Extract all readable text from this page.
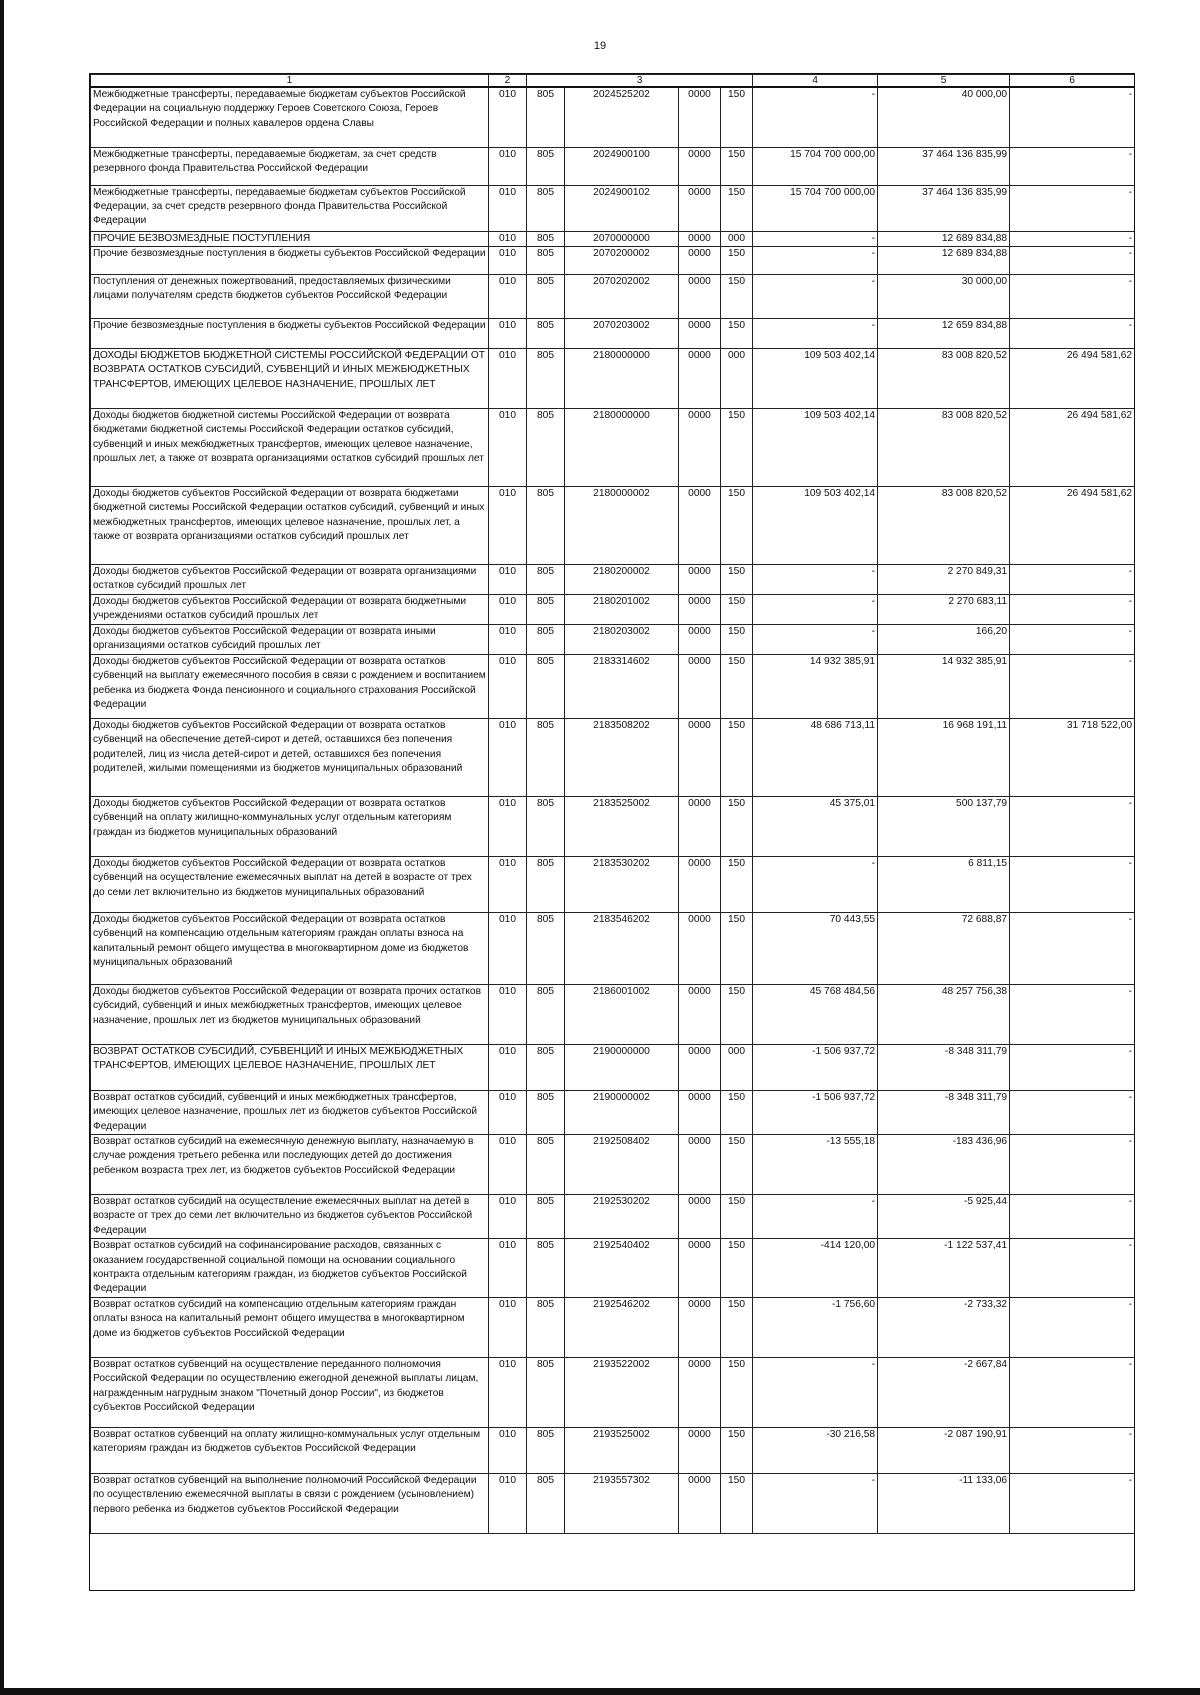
19
1	2	3				4	5	6
Межбюджетные трансферты, передаваемые бюджетам субъектов Российской Федерации на социальную поддержку Героев Советского Союза, Героев Российской Федерации и полных кавалеров ордена Славы	010	805	2024525202	0000	150	-	40 000,00	-
Межбюджетные трансферты, передаваемые бюджетам, за счет средств резервного фонда Правительства Российской Федерации	010	805	2024900100	0000	150	15 704 700 000,00	37 464 136 835,99	-
Межбюджетные трансферты, передаваемые бюджетам субъектов Российской Федерации, за счет средств резервного фонда Правительства Российской Федерации	010	805	2024900102	0000	150	15 704 700 000,00	37 464 136 835,99	-
ПРОЧИЕ БЕЗВОЗМЕЗДНЫЕ ПОСТУПЛЕНИЯ	010	805	2070000000	0000	000	-	12 689 834,88	-
Прочие безвозмездные поступления в бюджеты субъектов Российской Федерации	010	805	2070200002	0000	150	-	12 689 834,88	-
Поступления от денежных пожертвований, предоставляемых физическими лицами получателям средств бюджетов субъектов Российской Федерации	010	805	2070202002	0000	150	-	30 000,00	-
Прочие безвозмездные поступления в бюджеты субъектов Российской Федерации	010	805	2070203002	0000	150	-	12 659 834,88	-
ДОХОДЫ БЮДЖЕТОВ БЮДЖЕТНОЙ СИСТЕМЫ РОССИЙСКОЙ ФЕДЕРАЦИИ ОТ ВОЗВРАТА ОСТАТКОВ СУБСИДИЙ, СУБВЕНЦИЙ И ИНЫХ МЕЖБЮДЖЕТНЫХ ТРАНСФЕРТОВ, ИМЕЮЩИХ ЦЕЛЕВОЕ НАЗНАЧЕНИЕ, ПРОШЛЫХ ЛЕТ	010	805	2180000000	0000	000	109 503 402,14	83 008 820,52	26 494 581,62
Доходы бюджетов бюджетной системы Российской Федерации от возврата бюджетами бюджетной системы Российской Федерации остатков субсидий, субвенций и иных межбюджетных трансфертов, имеющих целевое назначение, прошлых лет, а также от возврата организациями остатков субсидий прошлых лет	010	805	2180000000	0000	150	109 503 402,14	83 008 820,52	26 494 581,62
Доходы бюджетов субъектов Российской Федерации от возврата бюджетами бюджетной системы Российской Федерации остатков субсидий, субвенций и иных межбюджетных трансфертов, имеющих целевое назначение, прошлых лет, а также от возврата организациями остатков субсидий прошлых лет	010	805	2180000002	0000	150	109 503 402,14	83 008 820,52	26 494 581,62
Доходы бюджетов субъектов Российской Федерации от возврата организациями остатков субсидий прошлых лет	010	805	2180200002	0000	150	-	2 270 849,31	-
Доходы бюджетов субъектов Российской Федерации от возврата бюджетными учреждениями остатков субсидий прошлых лет	010	805	2180201002	0000	150	-	2 270 683,11	-
Доходы бюджетов субъектов Российской Федерации от возврата иными организациями остатков субсидий прошлых лет	010	805	2180203002	0000	150	-	166,20	-
Доходы бюджетов субъектов Российской Федерации от возврата остатков субвенций на выплату ежемесячного пособия в связи с рождением и воспитанием ребенка из бюджета Фонда пенсионного и социального страхования Российской Федерации	010	805	2183314602	0000	150	14 932 385,91	14 932 385,91	-
Доходы бюджетов субъектов Российской Федерации от возврата остатков субвенций на обеспечение детей-сирот и детей, оставшихся без попечения родителей, лиц из числа детей-сирот и детей, оставшихся без попечения родителей, жилыми помещениями из бюджетов муниципальных образований	010	805	2183508202	0000	150	48 686 713,11	16 968 191,11	31 718 522,00
Доходы бюджетов субъектов Российской Федерации от возврата остатков субвенций на оплату жилищно-коммунальных услуг отдельным категориям граждан из бюджетов муниципальных образований	010	805	2183525002	0000	150	45 375,01	500 137,79	-
Доходы бюджетов субъектов Российской Федерации от возврата остатков субвенций на осуществление ежемесячных выплат на детей в возрасте от трех до семи лет включительно из бюджетов муниципальных образований	010	805	2183530202	0000	150	-	6 811,15	-
Доходы бюджетов субъектов Российской Федерации от возврата остатков субвенций на компенсацию отдельным категориям граждан оплаты взноса на капитальный ремонт общего имущества в многоквартирном доме из бюджетов муниципальных образований	010	805	2183546202	0000	150	70 443,55	72 688,87	-
Доходы бюджетов субъектов Российской Федерации от возврата прочих остатков субсидий, субвенций и иных межбюджетных трансфертов, имеющих целевое назначение, прошлых лет из бюджетов муниципальных образований	010	805	2186001002	0000	150	45 768 484,56	48 257 756,38	-
ВОЗВРАТ ОСТАТКОВ СУБСИДИЙ, СУБВЕНЦИЙ И ИНЫХ МЕЖБЮДЖЕТНЫХ ТРАНСФЕРТОВ, ИМЕЮЩИХ ЦЕЛЕВОЕ НАЗНАЧЕНИЕ, ПРОШЛЫХ ЛЕТ	010	805	2190000000	0000	000	-1 506 937,72	-8 348 311,79	-
Возврат остатков субсидий, субвенций и иных межбюджетных трансфертов, имеющих целевое назначение, прошлых лет из бюджетов субъектов Российской Федерации	010	805	2190000002	0000	150	-1 506 937,72	-8 348 311,79	-
Возврат остатков субсидий на ежемесячную денежную выплату, назначаемую в случае рождения третьего ребенка или последующих детей до достижения ребенком возраста трех лет, из бюджетов субъектов Российской Федерации	010	805	2192508402	0000	150	-13 555,18	-183 436,96	-
Возврат остатков субсидий на осуществление ежемесячных выплат на детей в возрасте от трех до семи лет включительно из бюджетов субъектов Российской Федерации	010	805	2192530202	0000	150	-	-5 925,44	-
Возврат остатков субсидий на софинансирование расходов, связанных с оказанием государственной социальной помощи на основании социального контракта отдельным категориям граждан, из бюджетов субъектов Российской Федерации	010	805	2192540402	0000	150	-414 120,00	-1 122 537,41	-
Возврат остатков субсидий на компенсацию отдельным категориям граждан оплаты взноса на капитальный ремонт общего имущества в многоквартирном доме из бюджетов субъектов Российской Федерации	010	805	2192546202	0000	150	-1 756,60	-2 733,32	-
Возврат остатков субвенций на осуществление переданного полномочия Российской Федерации по осуществлению ежегодной денежной выплаты лицам, награжденным нагрудным знаком "Почетный донор России", из бюджетов субъектов Российской Федерации	010	805	2193522002	0000	150	-	-2 667,84	-
Возврат остатков субвенций на оплату жилищно-коммунальных услуг отдельным категориям граждан из бюджетов субъектов Российской Федерации	010	805	2193525002	0000	150	-30 216,58	-2 087 190,91	-
Возврат остатков субвенций на выполнение полномочий Российской Федерации по осуществлению ежемесячной выплаты в связи с рождением (усыновлением) первого ребенка из бюджетов субъектов Российской Федерации	010	805	2193557302	0000	150	-	-11 133,06	-
